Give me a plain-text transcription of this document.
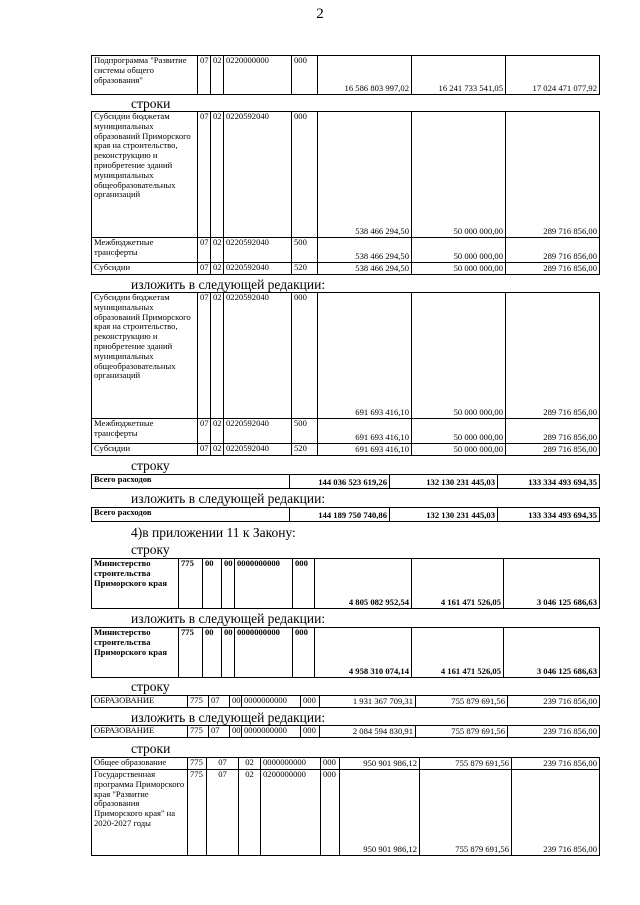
2
Подпрограмма "Развитие системы общего образования"	07	02	0220000000	000	16 586 803 997,02	16 241 733 541,05	17 024 471 077,92
строки
Субсидии бюджетам муниципальных образований Приморского края на строительство, реконструкцию и приобретение зданий муниципальных общеобразовательных организаций	07	02	0220592040	000	538 466 294,50	50 000 000,00	289 716 856,00
Межбюджетные трансферты	07	02	0220592040	500	538 466 294,50	50 000 000,00	289 716 856,00
Субсидии	07	02	0220592040	520	538 466 294,50	50 000 000,00	289 716 856,00
изложить в следующей редакции:
Субсидии бюджетам муниципальных образований Приморского края на строительство, реконструкцию и приобретение зданий муниципальных общеобразовательных организаций	07	02	0220592040	000	691 693 416,10	50 000 000,00	289 716 856,00
Межбюджетные трансферты	07	02	0220592040	500	691 693 416,10	50 000 000,00	289 716 856,00
Субсидии	07	02	0220592040	520	691 693 416,10	50 000 000,00	289 716 856,00
строку
Всего расходов	144 036 523 619,26	132 130 231 445,03	133 334 493 694,35
изложить в следующей редакции:
Всего расходов	144 189 750 740,86	132 130 231 445,03	133 334 493 694,35
4)в приложении 11 к Закону:
строку
Министерство строительства Приморского края	775	00	00	0000000000	000	4 805 082 952,54	4 161 471 526,05	3 046 125 686,63
изложить в следующей редакции:
Министерство строительства Приморского края	775	00	00	0000000000	000	4 958 310 074,14	4 161 471 526,05	3 046 125 686,63
строку
ОБРАЗОВАНИЕ	775	07	00	0000000000	000	1 931 367 709,31	755 879 691,56	239 716 856,00
изложить в следующей редакции:
ОБРАЗОВАНИЕ	775	07	00	0000000000	000	2 084 594 830,91	755 879 691,56	239 716 856,00
строки
Общее образование	775	07	02	0000000000	000	950 901 986,12	755 879 691,56	239 716 856,00
Государственная программа Приморского края "Развитие образования Приморского края" на 2020-2027 годы	775	07	02	0200000000	000	950 901 986,12	755 879 691,56	239 716 856,00
